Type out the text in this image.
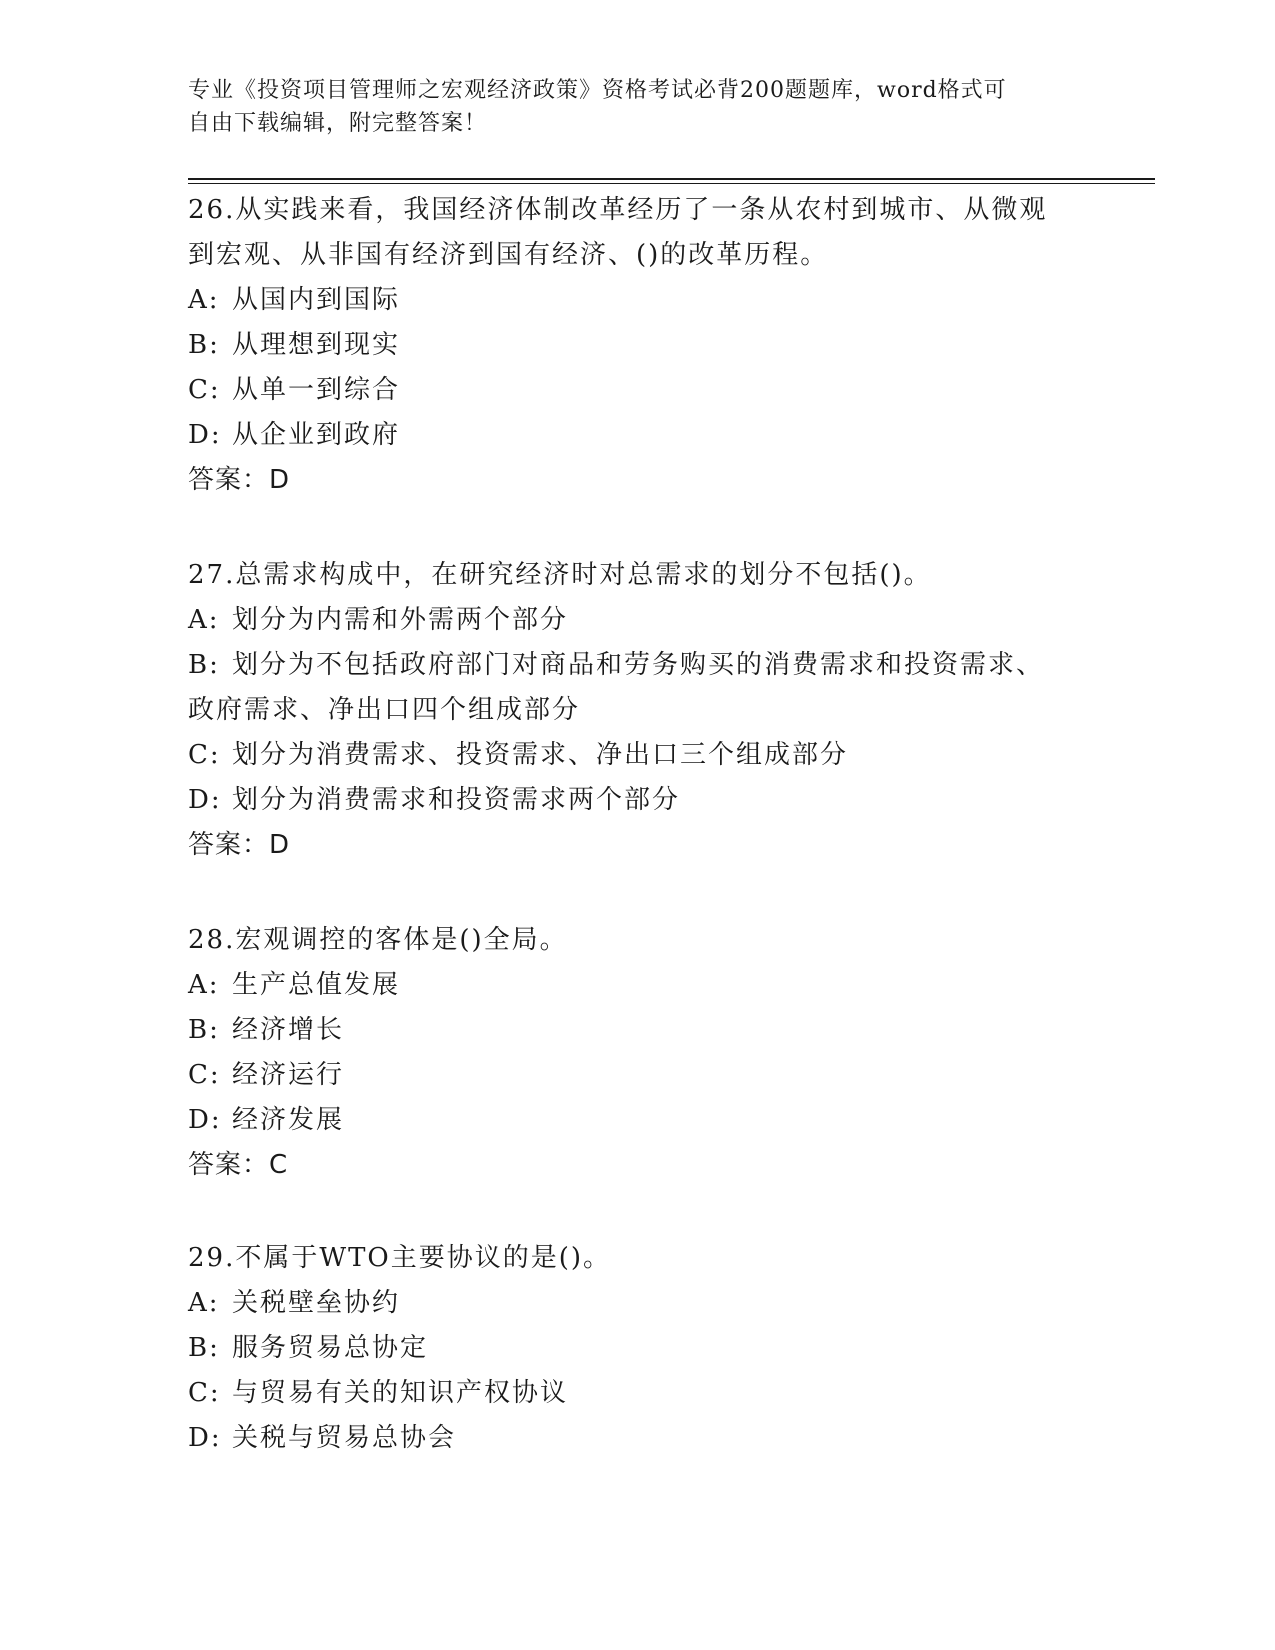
专业《投资项目管理师之宏观经济政策》资格考试必背200题题库，word格式可
自由下载编辑，附完整答案！

26.从实践来看，我国经济体制改革经历了一条从农村到城市、从微观

到宏观、从非国有经济到国有经济、()的改革历程。

A: 从国内到国际

B: 从理想到现实

C: 从单一到综合

D: 从企业到政府

答案：D

27.总需求构成中，在研究经济时对总需求的划分不包括()。

A: 划分为内需和外需两个部分

B: 划分为不包括政府部门对商品和劳务购买的消费需求和投资需求、

政府需求、净出口四个组成部分

C: 划分为消费需求、投资需求、净出口三个组成部分

D: 划分为消费需求和投资需求两个部分

答案：D

28.宏观调控的客体是()全局。

A: 生产总值发展

B: 经济增长

C: 经济运行

D: 经济发展

答案：C

29.不属于WTO主要协议的是()。

A: 关税壁垒协约

B: 服务贸易总协定

C: 与贸易有关的知识产权协议

D: 关税与贸易总协会
